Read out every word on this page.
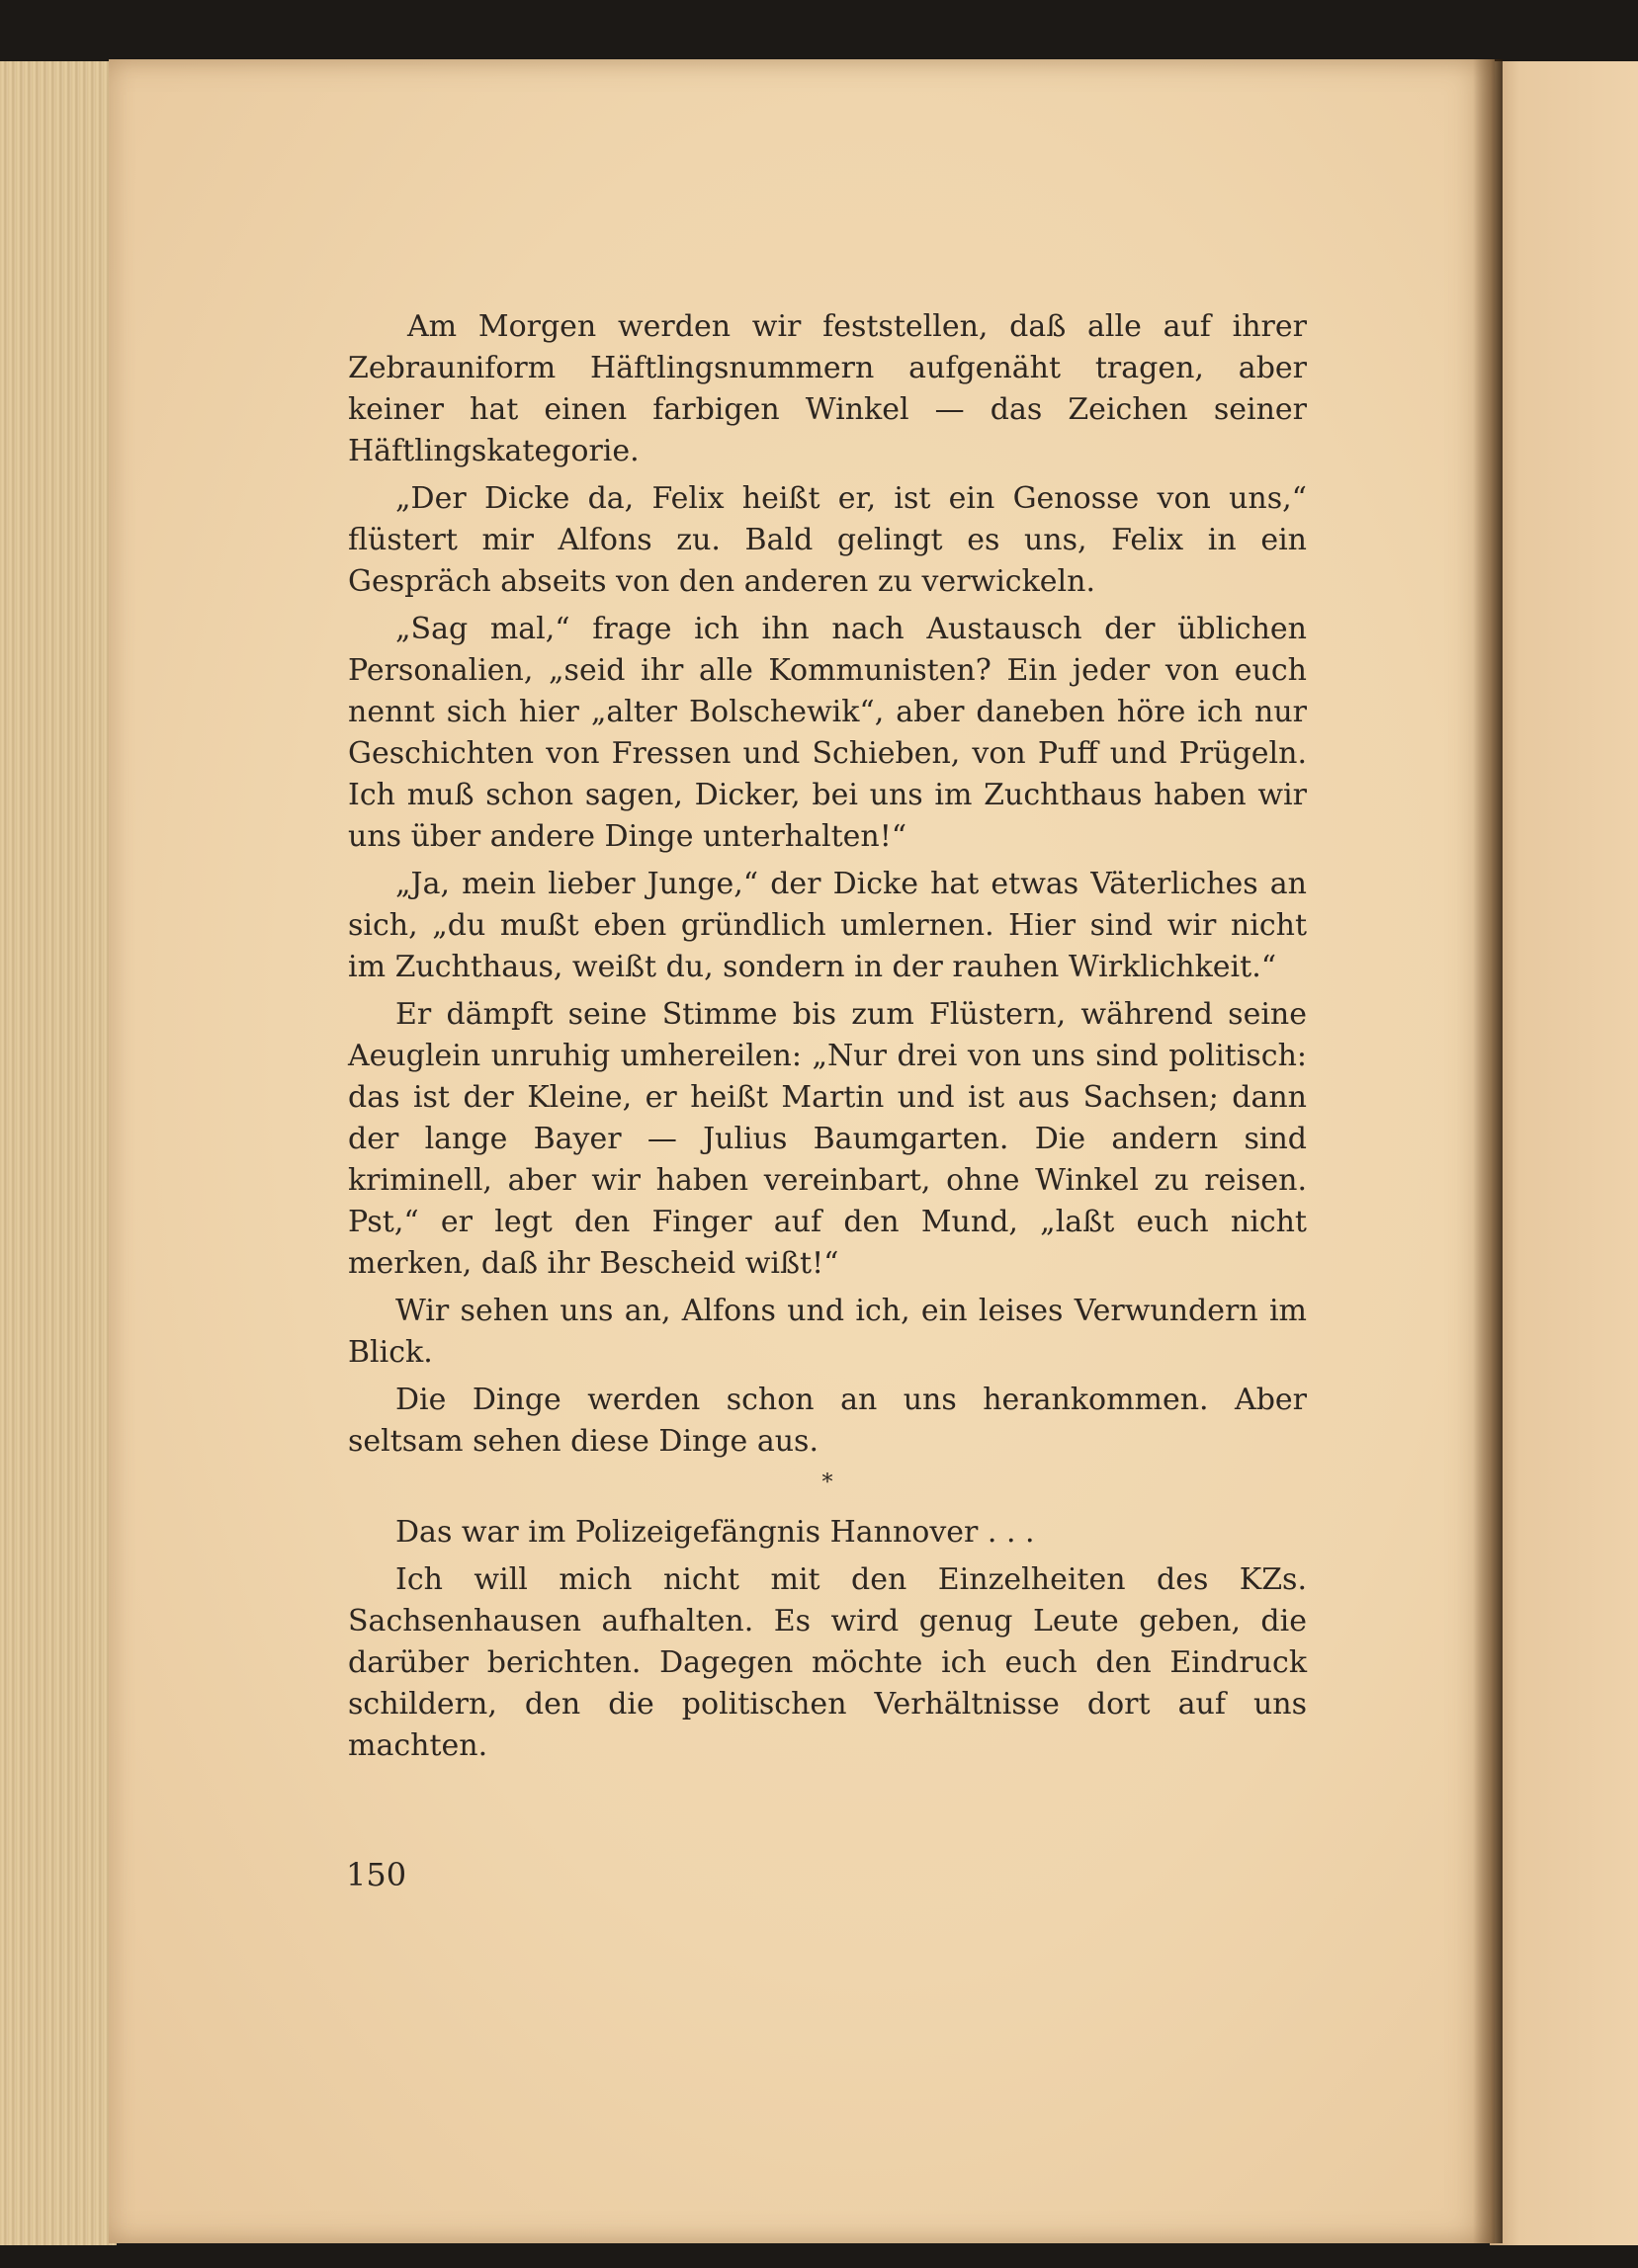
Am Morgen werden wir feststellen, daß alle auf ihrer Zebrauniform Häftlingsnummern aufgenäht tragen, aber keiner hat einen farbigen Winkel — das Zeichen seiner Häftlingskategorie.

„Der Dicke da, Felix heißt er, ist ein Genosse von uns,“ flüstert mir Alfons zu. Bald gelingt es uns, Felix in ein Gespräch abseits von den anderen zu verwickeln.

„Sag mal,“ frage ich ihn nach Austausch der üblichen Personalien, „seid ihr alle Kommunisten? Ein jeder von euch nennt sich hier „alter Bolschewik“, aber daneben höre ich nur Geschichten von Fressen und Schieben, von Puff und Prügeln. Ich muß schon sagen, Dicker, bei uns im Zuchthaus haben wir uns über andere Dinge unterhalten!“

„Ja, mein lieber Junge,“ der Dicke hat etwas Väterliches an sich, „du mußt eben gründlich umlernen. Hier sind wir nicht im Zuchthaus, weißt du, sondern in der rauhen Wirklichkeit.“

Er dämpft seine Stimme bis zum Flüstern, während seine Aeuglein unruhig umhereilen: „Nur drei von uns sind politisch: das ist der Kleine, er heißt Martin und ist aus Sachsen; dann der lange Bayer — Julius Baumgarten. Die andern sind kriminell, aber wir haben vereinbart, ohne Winkel zu reisen. Pst,“ er legt den Finger auf den Mund, „laßt euch nicht merken, daß ihr Bescheid wißt!“

Wir sehen uns an, Alfons und ich, ein leises Verwundern im Blick.

Die Dinge werden schon an uns herankommen. Aber seltsam sehen diese Dinge aus.

*

Das war im Polizeigefängnis Hannover . . .

Ich will mich nicht mit den Einzelheiten des KZs. Sachsenhausen aufhalten. Es wird genug Leute geben, die darüber berichten. Dagegen möchte ich euch den Eindruck schildern, den die politischen Verhältnisse dort auf uns machten.

150
